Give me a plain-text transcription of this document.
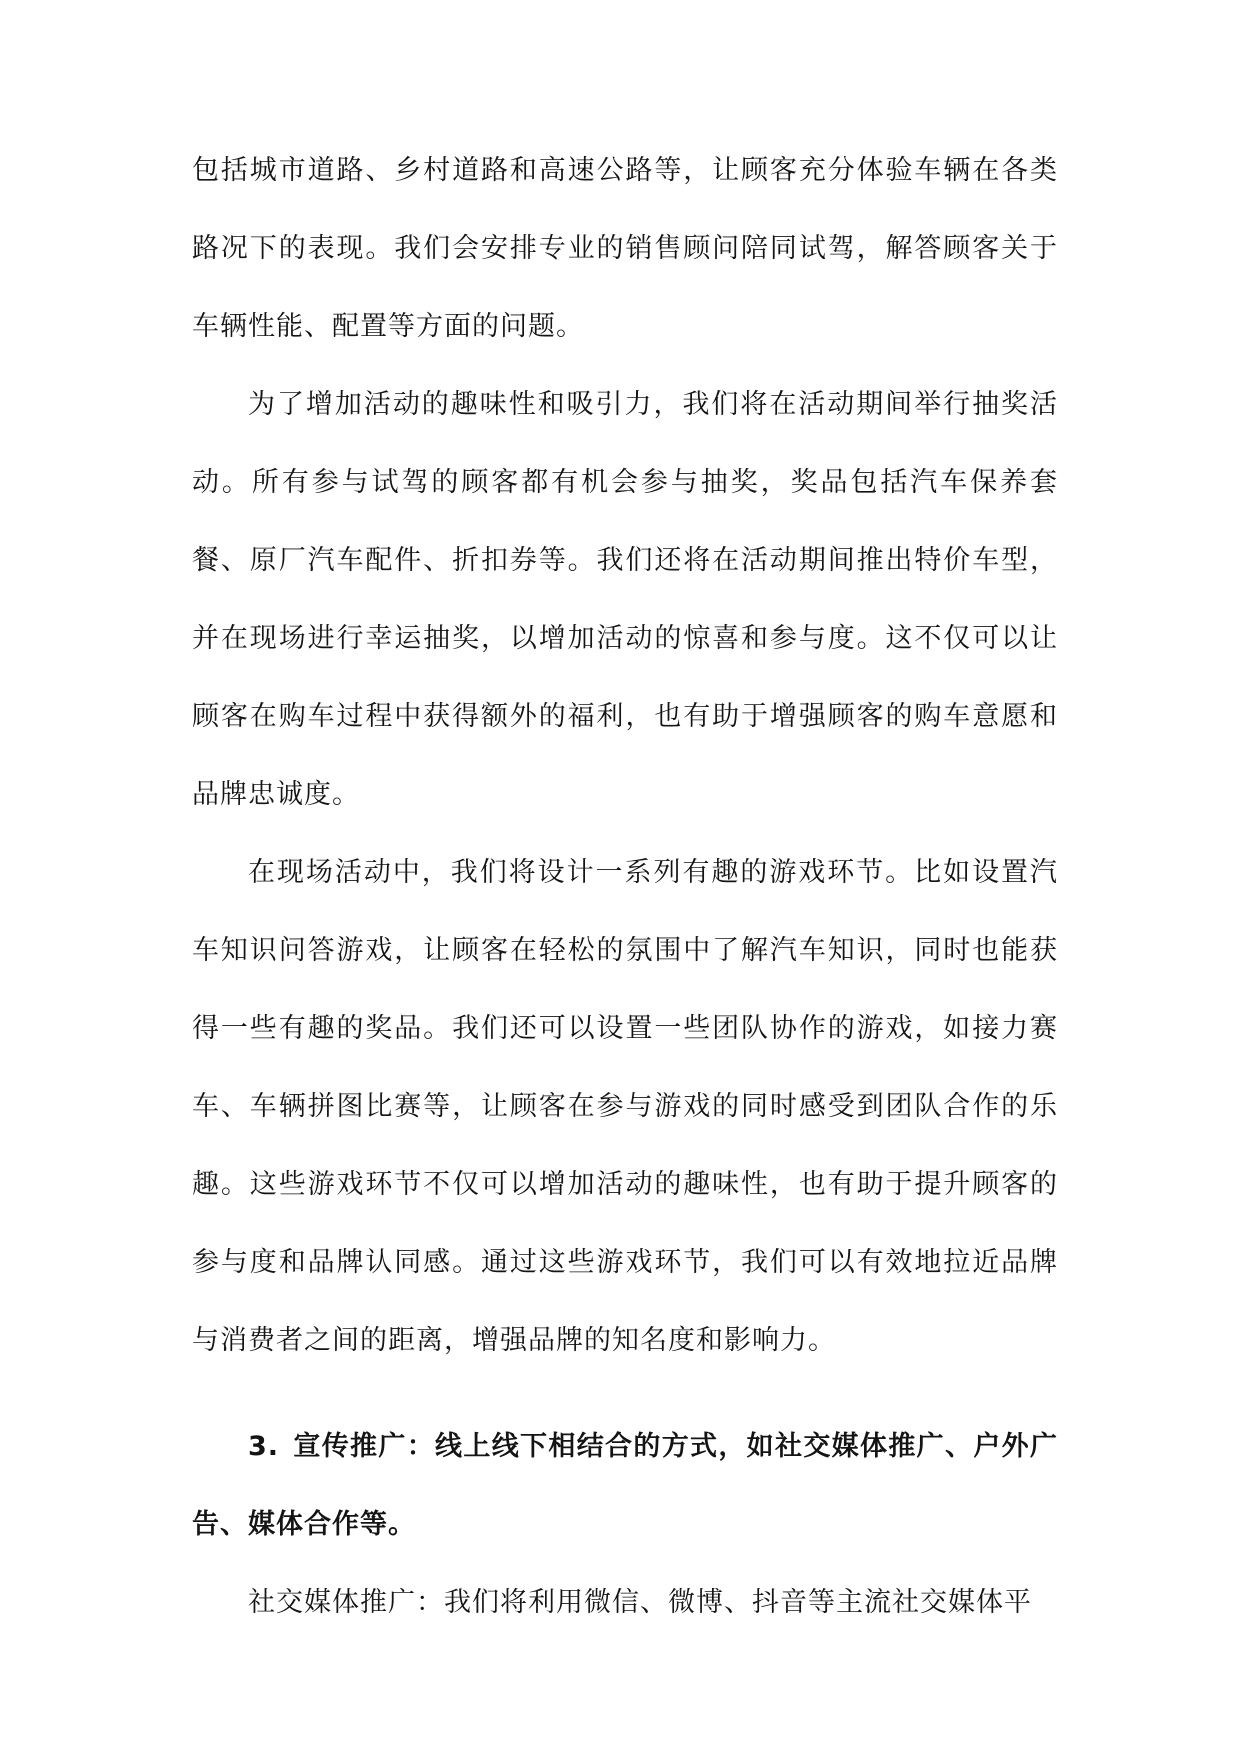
包括城市道路、乡村道路和高速公路等，让顾客充分体验车辆在各类路况下的表现。我们会安排专业的销售顾问陪同试驾，解答顾客关于车辆性能、配置等方面的问题。

为了增加活动的趣味性和吸引力，我们将在活动期间举行抽奖活动。所有参与试驾的顾客都有机会参与抽奖，奖品包括汽车保养套餐、原厂汽车配件、折扣券等。我们还将在活动期间推出特价车型，并在现场进行幸运抽奖，以增加活动的惊喜和参与度。这不仅可以让顾客在购车过程中获得额外的福利，也有助于增强顾客的购车意愿和品牌忠诚度。

在现场活动中，我们将设计一系列有趣的游戏环节。比如设置汽车知识问答游戏，让顾客在轻松的氛围中了解汽车知识，同时也能获得一些有趣的奖品。我们还可以设置一些团队协作的游戏，如接力赛车、车辆拼图比赛等，让顾客在参与游戏的同时感受到团队合作的乐趣。这些游戏环节不仅可以增加活动的趣味性，也有助于提升顾客的参与度和品牌认同感。通过这些游戏环节，我们可以有效地拉近品牌与消费者之间的距离，增强品牌的知名度和影响力。

3. 宣传推广：线上线下相结合的方式，如社交媒体推广、户外广告、媒体合作等。

社交媒体推广：我们将利用微信、微博、抖音等主流社交媒体平
